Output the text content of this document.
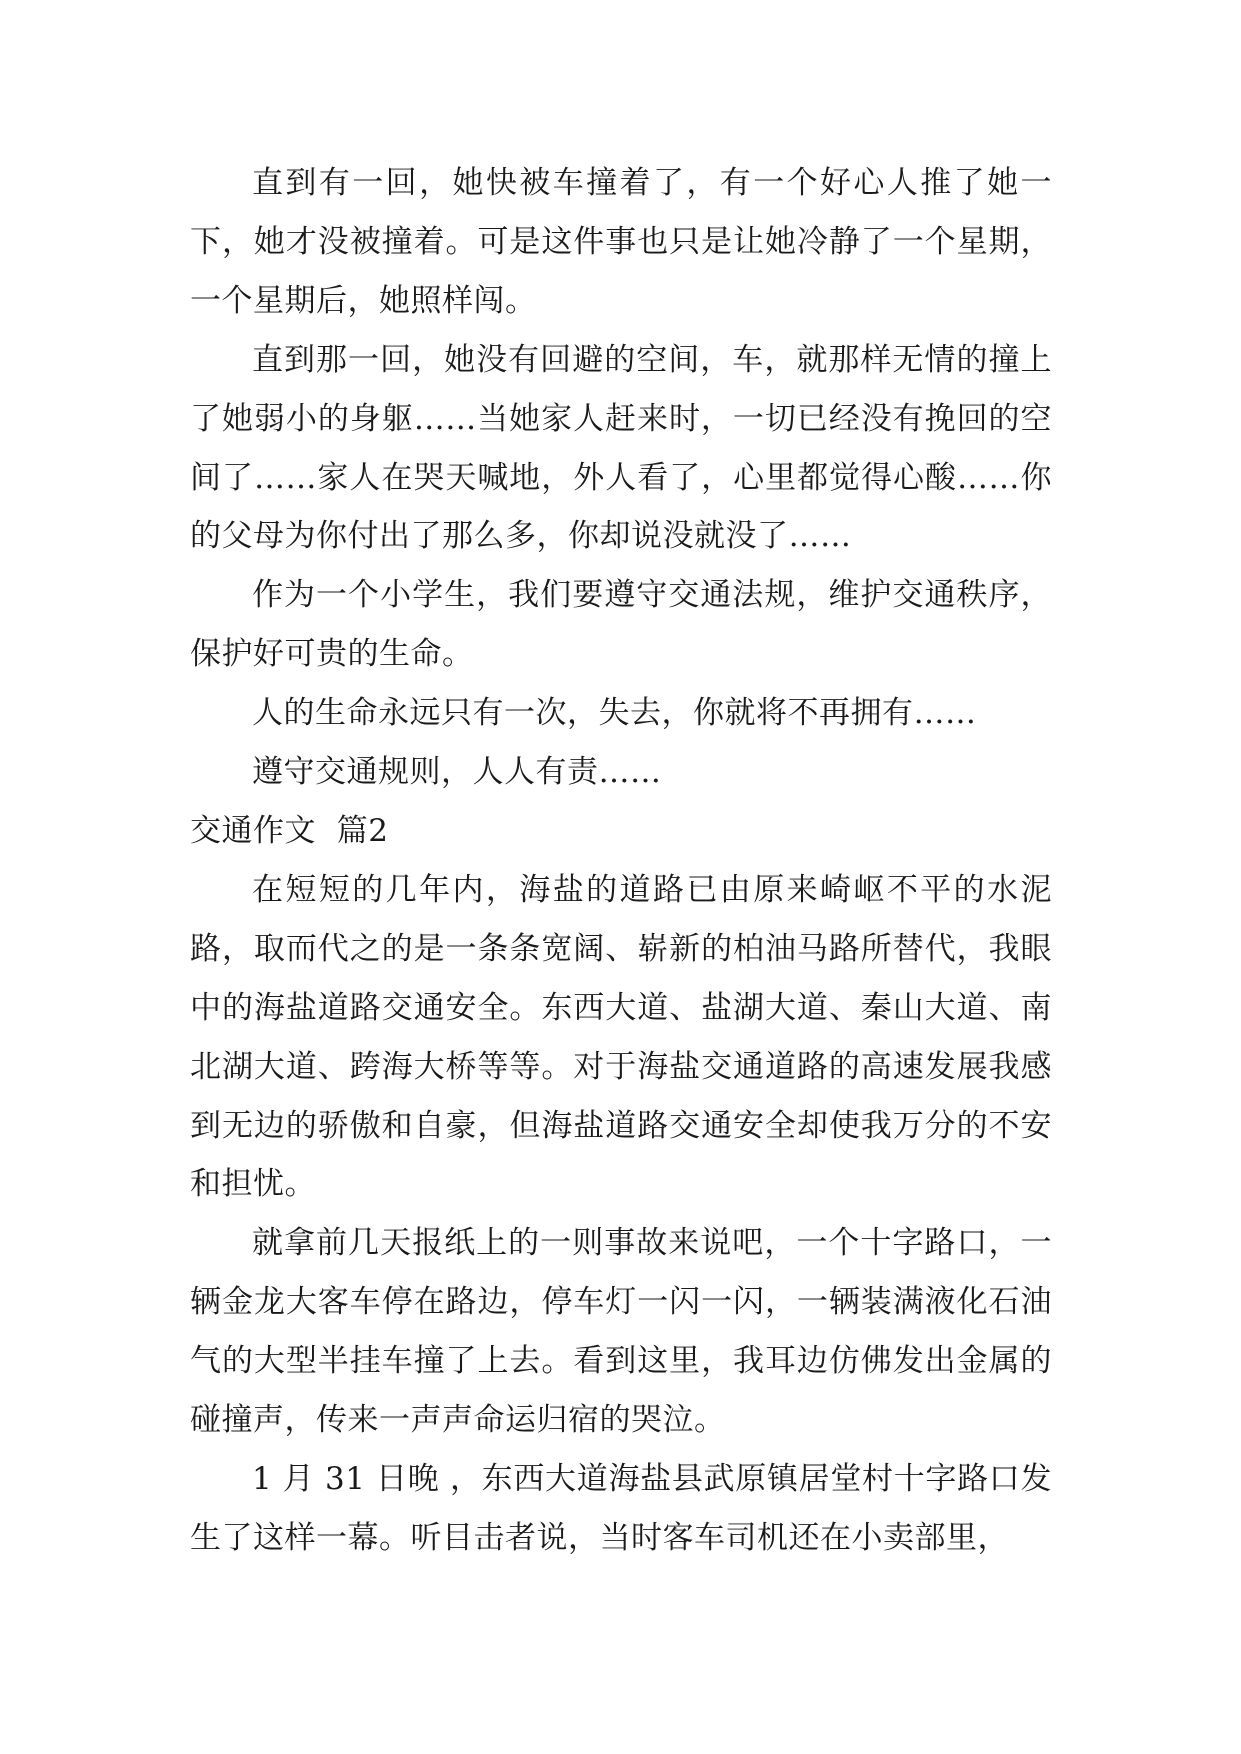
直到有一回，她快被车撞着了，有一个好心人推了她一下，她才没被撞着。可是这件事也只是让她冷静了一个星期，一个星期后，她照样闯。

直到那一回，她没有回避的空间，车，就那样无情的撞上了她弱小的身躯……当她家人赶来时，一切已经没有挽回的空间了……家人在哭天喊地，外人看了，心里都觉得心酸……你的父母为你付出了那么多，你却说没就没了……

作为一个小学生，我们要遵守交通法规，维护交通秩序，保护好可贵的生命。

人的生命永远只有一次，失去，你就将不再拥有……

遵守交通规则，人人有责……

交通作文  篇2

在短短的几年内，海盐的道路已由原来崎岖不平的水泥路，取而代之的是一条条宽阔、崭新的柏油马路所替代，我眼中的海盐道路交通安全。东西大道、盐湖大道、秦山大道、南北湖大道、跨海大桥等等。对于海盐交通道路的高速发展我感到无边的骄傲和自豪，但海盐道路交通安全却使我万分的不安和担忧。

就拿前几天报纸上的一则事故来说吧，一个十字路口，一辆金龙大客车停在路边，停车灯一闪一闪，一辆装满液化石油气的大型半挂车撞了上去。看到这里，我耳边仿佛发出金属的碰撞声，传来一声声命运归宿的哭泣。

1 月 31 日晚 ，东西大道海盐县武原镇居堂村十字路口发生了这样一幕。听目击者说，当时客车司机还在小卖部里，
